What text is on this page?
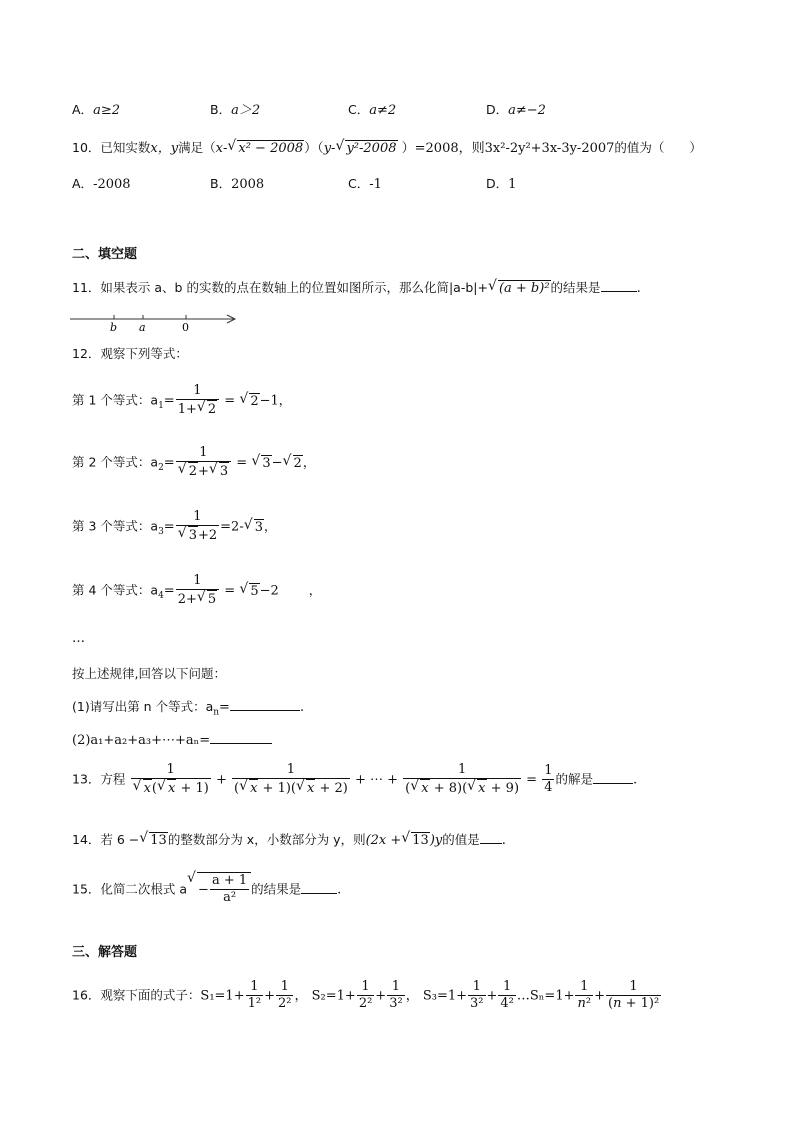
A．a≥2	B．a＞2	C．a≠2	D．a≠−2
10．已知实数x，y满足（x-√ x² − 2008）（y-√ y²-2008 ）=2008，则3x²-2y²+3x-3y-2007的值为（　　）
A．-2008	B．2008	C．-1	D．1
二、填空题
11．如果表示 a、b 的实数的点在数轴上的位置如图所示，那么化简|a-b|+√ (a + b)²的结果是	.
b a	0
12．观察下列等式：
第 1 个等式：$a_1= \frac{1}{1+√ 2}$ = √ 2−1，
第 2 个等式：$a_2= 1$
√ 2+√ 3 = √ 3−√ 2，
第 3 个等式：$a_3= 1$
√ 3+2 =2-√ 3，
第 4 个等式：$a_4= \frac{1}{2+√ 5}$ = √ 5−2 ，
…
按上述规律,回答以下问题：
(1)请写出第 n 个等式：$a_n=$	.
(2)a₁+a₂+a₃+⋯+aₙ=
13．方程 1
√ x(√ $x + 1) + \frac{1}{(√ x + 1)(√ x + 2)}$ + ⋯ + $\frac{1}{(√ x + 8)(√ x + 9)} = \frac{1}{4}$ 的解是	.
14．若 6 −√ 13的整数部分为 x，小数部分为 y，则(2x +√ 13)y的值是 .
15．化简二次根式 $a√ - \frac{a + 1}{\text{a²}}$ 的结果是	.
三、解答题
16．观察下面的式子：$S_1=1+ \frac{1}{\text{1²}} + \frac{1}{\text{2²}}$ ， $S_2=1+ \frac{1}{\text{2²}} + \frac{1}{\text{3²}}$ ， $S_3=1+ \frac{1}{\text{3²}} + \frac{1}{\text{4²}}$ …Sₙ=1+ $\frac{1}{\text{n²}} + \frac{1}{\text{(n + 1)²}}$
